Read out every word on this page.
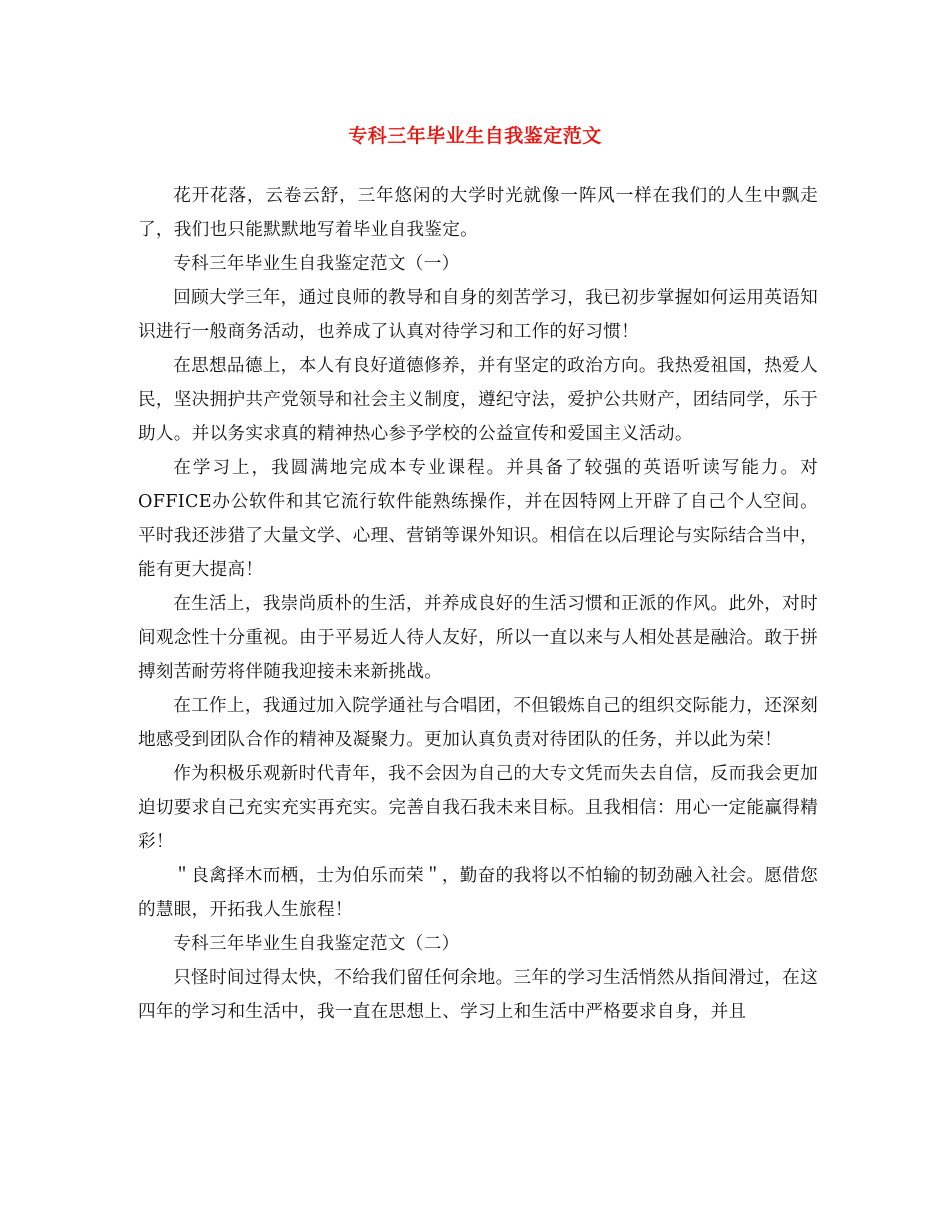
专科三年毕业生自我鉴定范文

花开花落，云卷云舒，三年悠闲的大学时光就像一阵风一样在我们的人生中飘走了，我们也只能默默地写着毕业自我鉴定。

专科三年毕业生自我鉴定范文（一）

回顾大学三年，通过良师的教导和自身的刻苦学习，我已初步掌握如何运用英语知识进行一般商务活动，也养成了认真对待学习和工作的好习惯！

在思想品德上，本人有良好道德修养，并有坚定的政治方向。我热爱祖国，热爱人民，坚决拥护共产党领导和社会主义制度，遵纪守法，爱护公共财产，团结同学，乐于助人。并以务实求真的精神热心参予学校的公益宣传和爱国主义活动。

在学习上，我圆满地完成本专业课程。并具备了较强的英语听读写能力。对OFFICE办公软件和其它流行软件能熟练操作，并在因特网上开辟了自己个人空间。平时我还涉猎了大量文学、心理、营销等课外知识。相信在以后理论与实际结合当中，能有更大提高！

在生活上，我崇尚质朴的生活，并养成良好的生活习惯和正派的作风。此外，对时间观念性十分重视。由于平易近人待人友好，所以一直以来与人相处甚是融洽。敢于拼搏刻苦耐劳将伴随我迎接未来新挑战。

在工作上，我通过加入院学通社与合唱团，不但锻炼自己的组织交际能力，还深刻地感受到团队合作的精神及凝聚力。更加认真负责对待团队的任务，并以此为荣！

作为积极乐观新时代青年，我不会因为自己的大专文凭而失去自信，反而我会更加迫切要求自己充实充实再充实。完善自我石我未来目标。且我相信：用心一定能赢得精彩！

＂良禽择木而栖，士为伯乐而荣＂，勤奋的我将以不怕输的韧劲融入社会。愿借您的慧眼，开拓我人生旅程！

专科三年毕业生自我鉴定范文（二）

只怪时间过得太快，不给我们留任何余地。三年的学习生活悄然从指间滑过，在这四年的学习和生活中，我一直在思想上、学习上和生活中严格要求自身，并且
